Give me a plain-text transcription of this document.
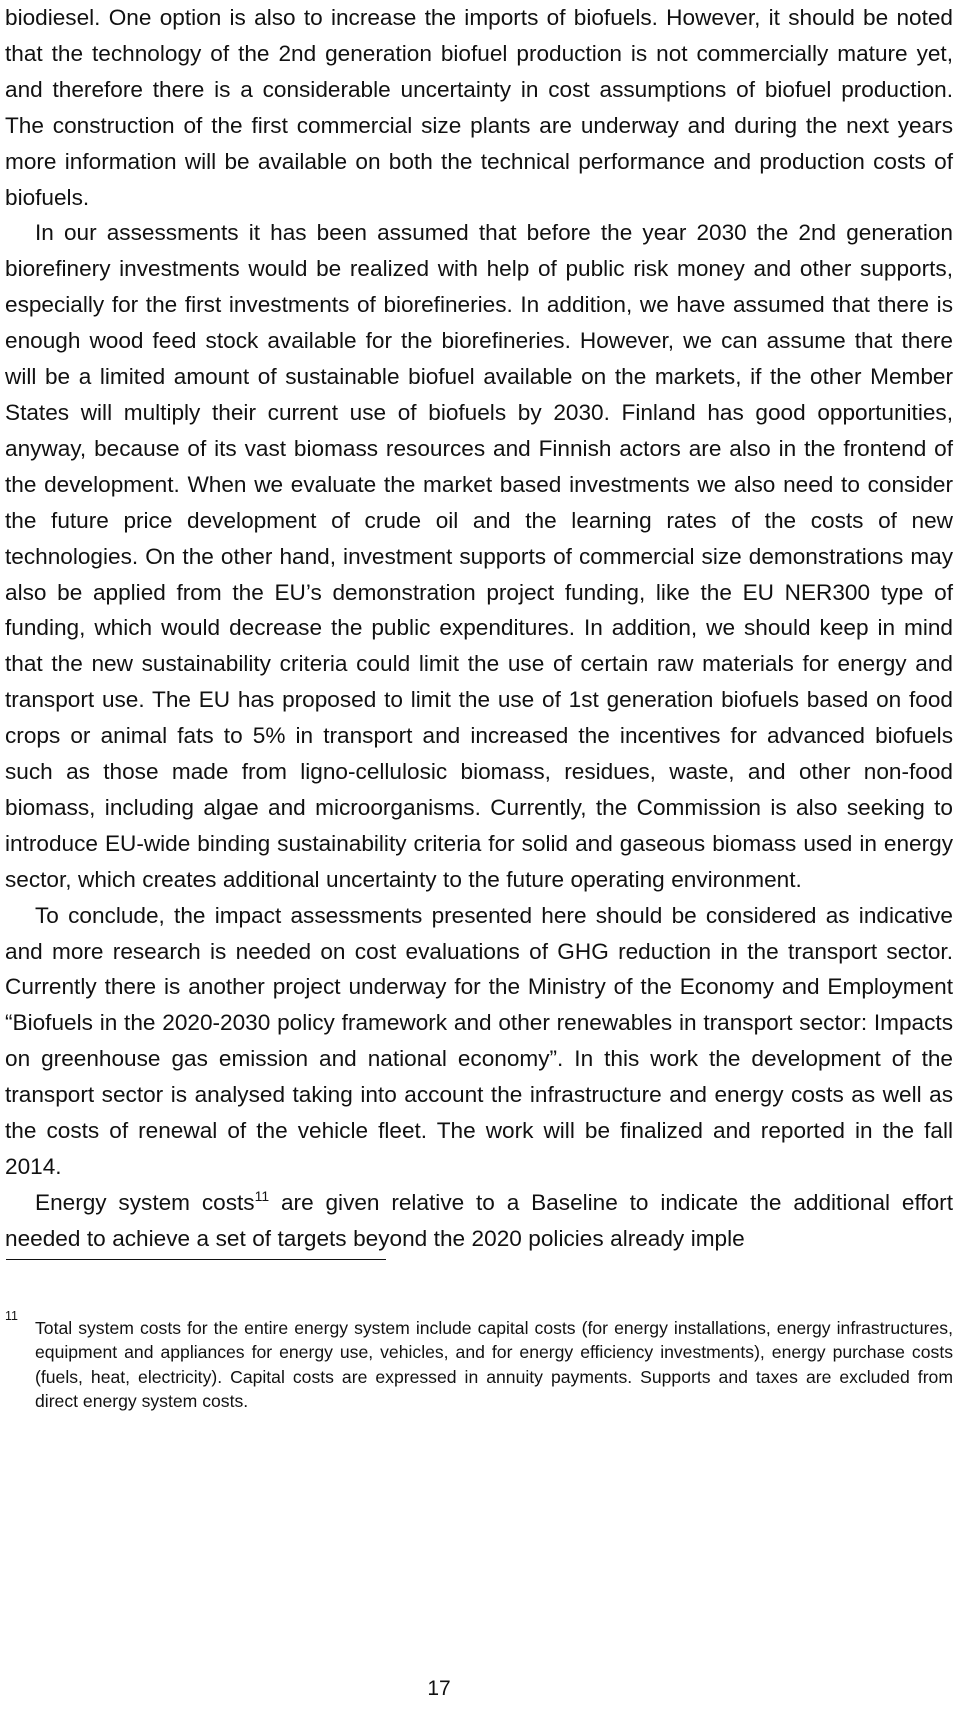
biodiesel. One option is also to increase the imports of biofuels. However, it should be noted that the technology of the 2nd generation biofuel production is not commercially mature yet, and therefore there is a considerable uncertainty in cost assumptions of biofuel production. The construction of the first commercial size plants are underway and during the next years more information will be available on both the technical performance and production costs of biofuels.

In our assessments it has been assumed that before the year 2030 the 2nd generation biorefinery investments would be realized with help of public risk money and other supports, especially for the first investments of biorefineries. In addition, we have assumed that there is enough wood feed stock available for the biorefineries. However, we can assume that there will be a limited amount of sustainable biofuel available on the markets, if the other Member States will multiply their current use of biofuels by 2030. Finland has good opportunities, anyway, because of its vast biomass resources and Finnish actors are also in the frontend of the development. When we evaluate the market based investments we also need to consider the future price development of crude oil and the learning rates of the costs of new technologies. On the other hand, investment supports of commercial size demonstrations may also be applied from the EU’s demonstration project funding, like the EU NER300 type of funding, which would decrease the public expenditures. In addition, we should keep in mind that the new sustainability criteria could limit the use of certain raw materials for energy and transport use. The EU has proposed to limit the use of 1st generation biofuels based on food crops or animal fats to 5% in transport and increased the incentives for advanced biofuels such as those made from ligno-cellulosic biomass, residues, waste, and other non-food biomass, including algae and microorganisms. Currently, the Commission is also seeking to introduce EU-wide binding sustainability criteria for solid and gaseous biomass used in energy sector, which creates additional uncertainty to the future operating environment.

To conclude, the impact assessments presented here should be considered as indicative and more research is needed on cost evaluations of GHG reduction in the transport sector. Currently there is another project underway for the Ministry of the Economy and Employment “Biofuels in the 2020-2030 policy framework and other renewables in transport sector: Impacts on greenhouse gas emission and national economy”. In this work the development of the transport sector is analysed taking into account the infrastructure and energy costs as well as the costs of renewal of the vehicle fleet. The work will be finalized and reported in the fall 2014.

Energy system costs$^{11}$ are given relative to a Baseline to indicate the additional effort needed to achieve a set of targets beyond the 2020 policies already imple

11
Total system costs for the entire energy system include capital costs (for energy installations, energy infrastructures, equipment and appliances for energy use, vehicles, and for energy efficiency investments), energy purchase costs (fuels, heat, electricity). Capital costs are expressed in annuity payments. Supports and taxes are excluded from direct energy system costs.
17
